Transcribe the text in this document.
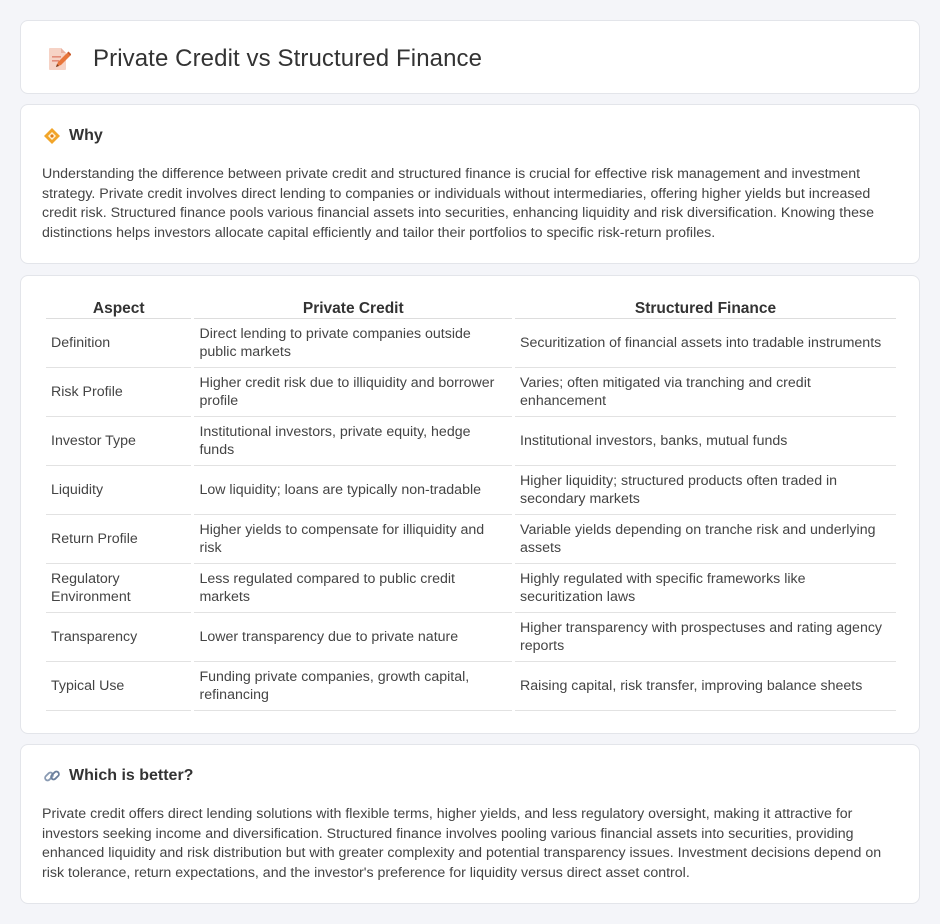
Private Credit vs Structured Finance
Why

Understanding the difference between private credit and structured finance is crucial for effective risk management and investment strategy. Private credit involves direct lending to companies or individuals without intermediaries, offering higher yields but increased credit risk. Structured finance pools various financial assets into securities, enhancing liquidity and risk diversification. Knowing these distinctions helps investors allocate capital efficiently and tailor their portfolios to specific risk-return profiles.

Aspect	Private Credit	Structured Finance
Definition	Direct lending to private companies outside public markets	Securitization of financial assets into tradable instruments
Risk Profile	Higher credit risk due to illiquidity and borrower profile	Varies; often mitigated via tranching and credit enhancement
Investor Type	Institutional investors, private equity, hedge funds	Institutional investors, banks, mutual funds
Liquidity	Low liquidity; loans are typically non-tradable	Higher liquidity; structured products often traded in secondary markets
Return Profile	Higher yields to compensate for illiquidity and risk	Variable yields depending on tranche risk and underlying assets
Regulatory Environment	Less regulated compared to public credit markets	Highly regulated with specific frameworks like securitization laws
Transparency	Lower transparency due to private nature	Higher transparency with prospectuses and rating agency reports
Typical Use	Funding private companies, growth capital, refinancing	Raising capital, risk transfer, improving balance sheets
Which is better?

Private credit offers direct lending solutions with flexible terms, higher yields, and less regulatory oversight, making it attractive for investors seeking income and diversification. Structured finance involves pooling various financial assets into securities, providing enhanced liquidity and risk distribution but with greater complexity and potential transparency issues. Investment decisions depend on risk tolerance, return expectations, and the investor's preference for liquidity versus direct asset control.
